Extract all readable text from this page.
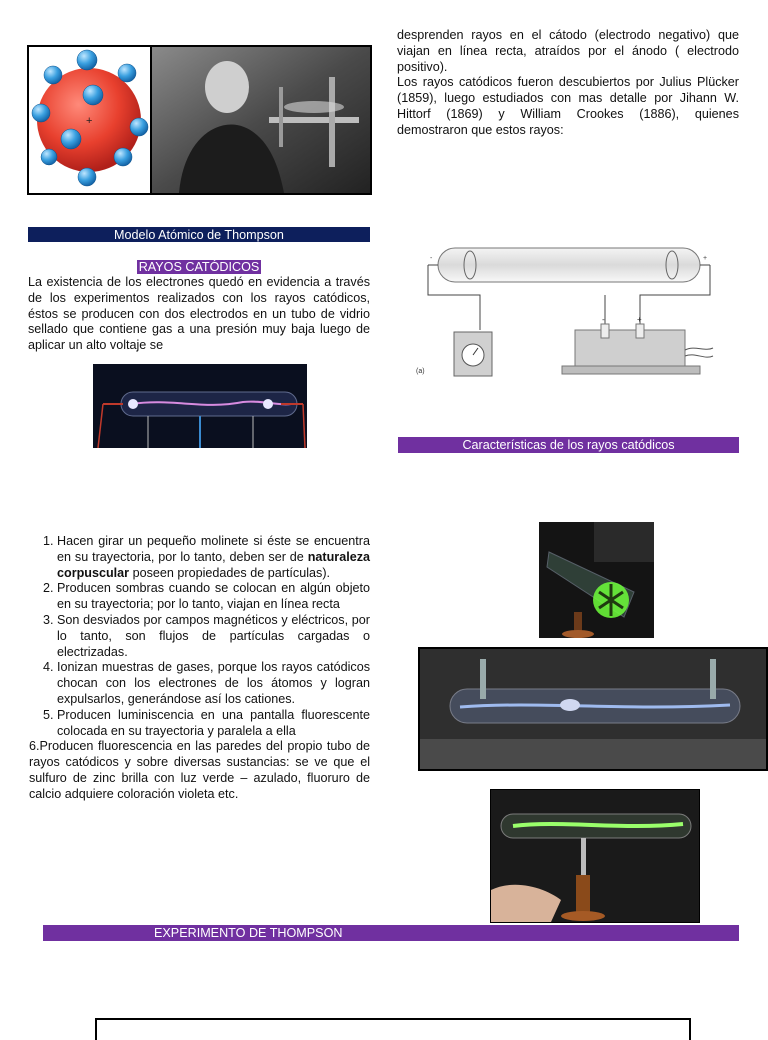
+
desprenden rayos en el cátodo (electrodo negativo) que viajan en línea recta, atraídos por el ánodo ( electrodo positivo).
Los rayos catódicos fueron descubiertos por Julius Plücker (1859), luego estudiados con mas detalle por Jihann W. Hittorf (1869) y William Crookes (1886), quienes demostraron que estos rayos:
Modelo Atómico de Thompson
RAYOS CATÓDICOS
La existencia de los electrones quedó en evidencia a través de los experimentos realizados con los rayos catódicos, éstos se producen con dos electrodos en un tubo de vidrio sellado que contiene gas a una presión muy baja luego de aplicar un alto voltaje se
-	+
-	+
(a)
Características de los rayos catódicos
1. Hacen girar un pequeño molinete si éste se encuentra en su trayectoria, por lo tanto, deben ser de naturaleza corpuscular poseen propiedades de partículas).
2. Producen sombras cuando se colocan en algún objeto en su trayectoria; por lo tanto, viajan en línea recta
3. Son desviados por campos magnéticos y eléctricos, por lo tanto, son flujos de partículas cargadas o electrizadas.
4. Ionizan muestras de gases, porque los rayos catódicos chocan con los electrones de los átomos y logran expulsarlos, generándose así los cationes.
5. Producen luminiscencia en una pantalla fluorescente colocada en su trayectoria y paralela a ella
6.Producen fluorescencia en las paredes del propio tubo de rayos catódicos y sobre diversas sustancias: se ve que el sulfuro de zinc brilla con luz verde – azulado, fluoruro de calcio adquiere coloración violeta etc.
EXPERIMENTO DE THOMPSON
